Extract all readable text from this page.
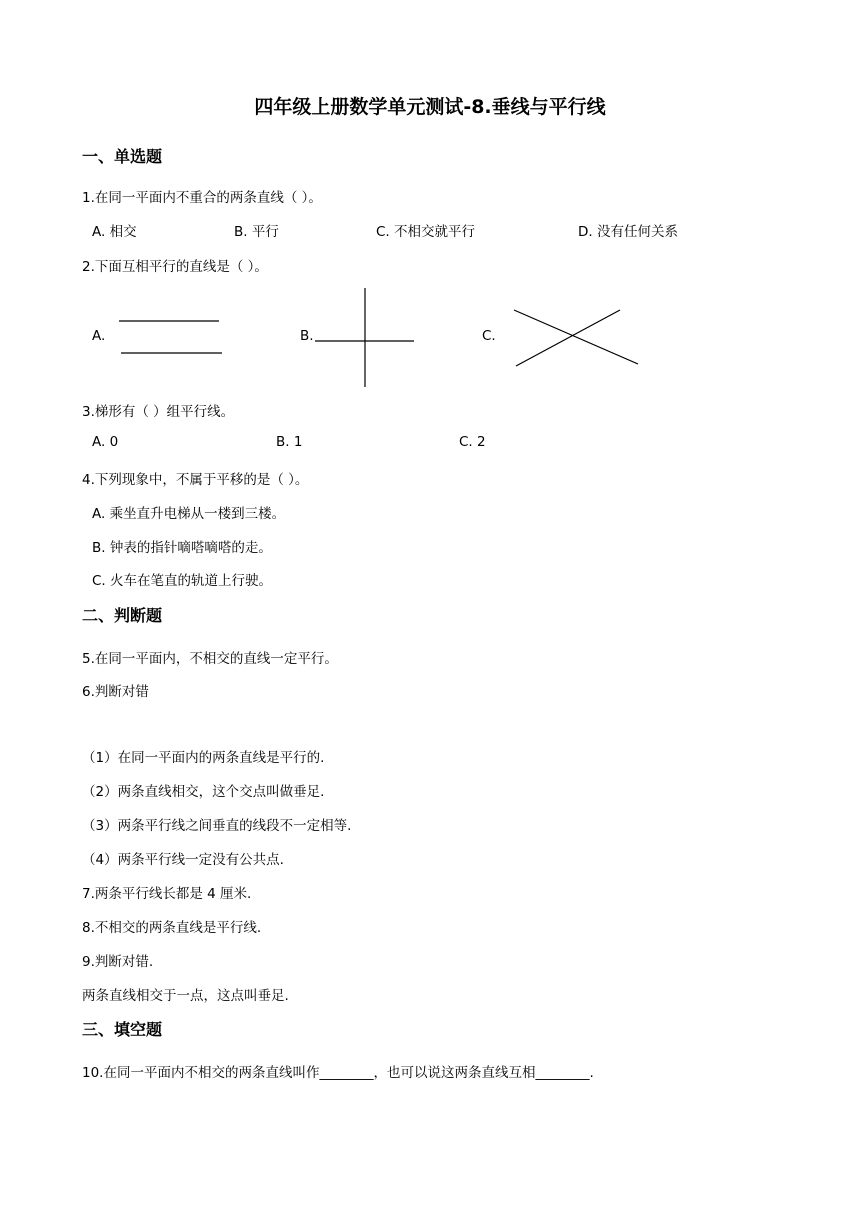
四年级上册数学单元测试-8.垂线与平行线
一、单选题
1.在同一平面内不重合的两条直线（ ）。
A. 相交	B. 平行	C. 不相交就平行	D. 没有任何关系
2.下面互相平行的直线是（ ）。
A.	B.	C.
3.梯形有（ ）组平行线。
A. 0	B. 1	C. 2
4.下列现象中，不属于平移的是（ ）。
A. 乘坐直升电梯从一楼到三楼。
B. 钟表的指针嘀嗒嘀嗒的走。
C. 火车在笔直的轨道上行驶。
二、判断题
5.在同一平面内，不相交的直线一定平行。
6.判断对错
（1）在同一平面内的两条直线是平行的.
（2）两条直线相交，这个交点叫做垂足.
（3）两条平行线之间垂直的线段不一定相等.
（4）两条平行线一定没有公共点.
7.两条平行线长都是 4 厘米.
8.不相交的两条直线是平行线.
9.判断对错.
两条直线相交于一点，这点叫垂足.
三、填空题
10.在同一平面内不相交的两条直线叫作________，也可以说这两条直线互相________.
